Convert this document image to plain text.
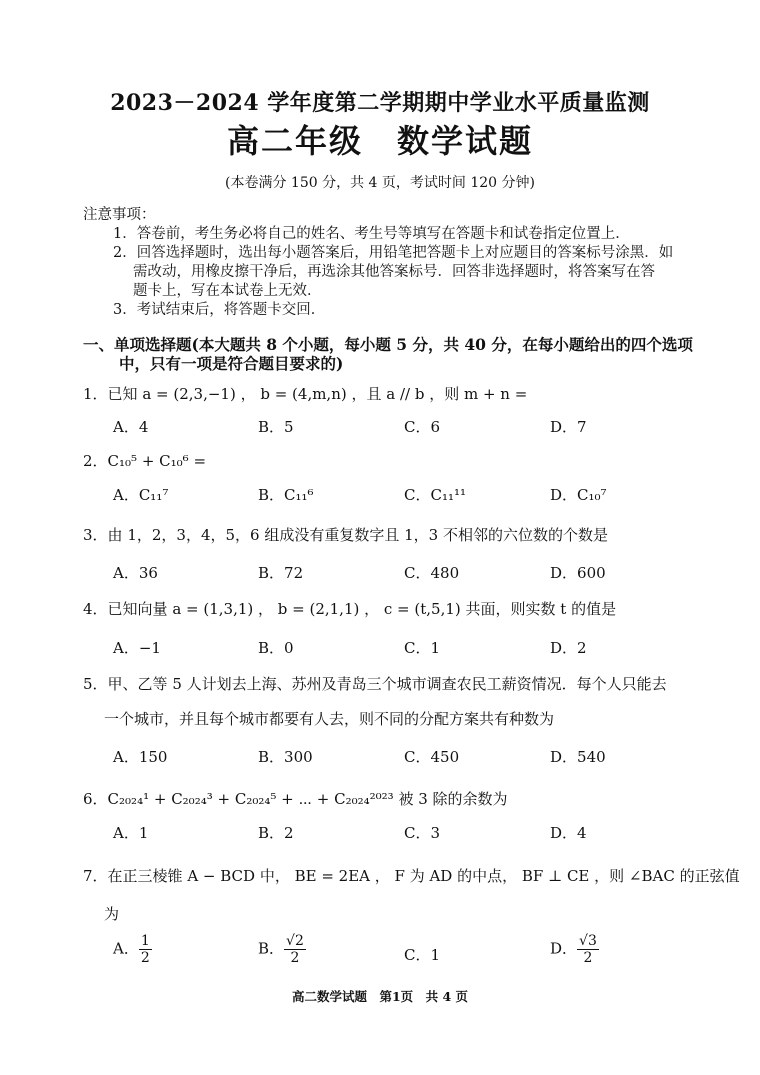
2023－2024 学年度第二学期期中学业水平质量监测
高二年级　数学试题
(本卷满分 150 分，共 4 页，考试时间 120 分钟)
注意事项：
1．答卷前，考生务必将自己的姓名、考生号等填写在答题卡和试卷指定位置上．
2．回答选择题时，选出每小题答案后，用铅笔把答题卡上对应题目的答案标号涂黑．如
需改动，用橡皮擦干净后，再选涂其他答案标号．回答非选择题时，将答案写在答
题卡上，写在本试卷上无效．
3．考试结束后，将答题卡交回．
一、单项选择题(本大题共 8 个小题，每小题 5 分，共 40 分，在每小题给出的四个选项
中，只有一项是符合题目要求的)
1．已知 a = (2,3,−1) ， b = (4,m,n) ，且 a // b ，则 m + n =
A．4	B．5	C．6	D．7
2．C₁₀⁵ + C₁₀⁶ =
A．C₁₁⁷	B．C₁₁⁶	C．C₁₁¹¹	D．C₁₀⁷
3．由 1，2，3，4，5，6 组成没有重复数字且 1，3 不相邻的六位数的个数是
A．36	B．72	C．480	D．600
4．已知向量 a = (1,3,1) ， b = (2,1,1) ， c = (t,5,1) 共面，则实数 t 的值是
A．−1	B．0	C．1	D．2
5．甲、乙等 5 人计划去上海、苏州及青岛三个城市调查农民工薪资情况．每个人只能去
一个城市，并且每个城市都要有人去，则不同的分配方案共有种数为
A．150	B．300	C．450	D．540
6．C₂₀₂₄¹ + C₂₀₂₄³ + C₂₀₂₄⁵ + ⋯ + C₂₀₂₄²⁰²³ 被 3 除的余数为
A．1	B．2	C．3	D．4
7．在正三棱锥 A − BCD 中， BE = 2EA ， F 为 AD 的中点， BF ⊥ CE ，则 ∠BAC 的正弦值
为
A． $\frac{1}{2}$	B． $\frac{√2}{2}$	C．1	D． $\frac{√3}{2}$
高二数学试题　第1页　共 4 页
